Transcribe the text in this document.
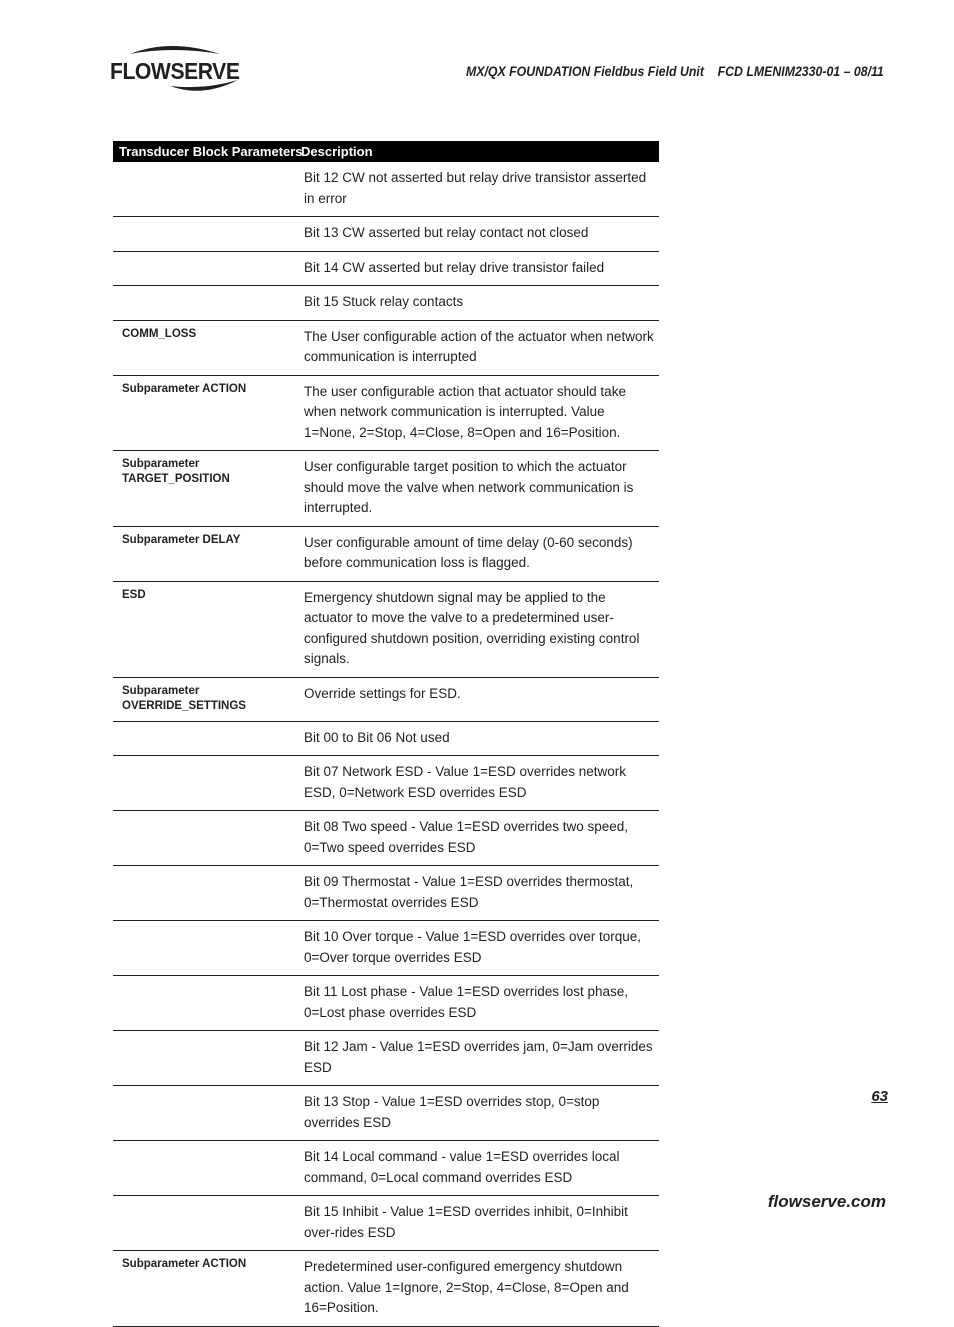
FLOWSERVE	MX/QX FOUNDATION Fieldbus Field Unit    FCD LMENIM2330-01 – 08/11
Transducer Block Parameters	Description
	Bit 12 CW not asserted but relay drive transistor asserted in error
	Bit 13 CW asserted but relay contact not closed
	Bit 14 CW asserted but relay drive transistor failed
	Bit 15 Stuck relay contacts
COMM_LOSS	The User configurable action of the actuator when network communication is interrupted
Subparameter ACTION	The user configurable action that actuator should take when network communication is interrupted. Value 1=None, 2=Stop, 4=Close, 8=Open and 16=Position.
Subparameter
TARGET_POSITION	User configurable target position to which the actuator should move the valve when network communication is interrupted.
Subparameter DELAY	User configurable amount of time delay (0-60 seconds) before communication loss is flagged.
ESD	Emergency shutdown signal may be applied to the actuator to move the valve to a predetermined user-configured shutdown position, overriding existing control signals.
Subparameter
OVERRIDE_SETTINGS	Override settings for ESD.
	Bit 00 to Bit 06 Not used
	Bit 07 Network ESD - Value 1=ESD overrides network ESD, 0=Network ESD overrides ESD
	Bit 08 Two speed - Value 1=ESD overrides two speed, 0=Two speed overrides ESD
	Bit 09 Thermostat - Value 1=ESD overrides thermostat, 0=Thermostat overrides ESD
	Bit 10 Over torque - Value 1=ESD overrides over torque, 0=Over torque overrides ESD
	Bit 11 Lost phase - Value 1=ESD overrides lost phase, 0=Lost phase overrides ESD
	Bit 12 Jam - Value 1=ESD overrides jam, 0=Jam overrides ESD
	Bit 13 Stop - Value 1=ESD overrides stop, 0=stop overrides ESD
	Bit 14 Local command - value 1=ESD overrides local command, 0=Local command overrides ESD
	Bit 15 Inhibit - Value 1=ESD overrides inhibit, 0=Inhibit over-rides ESD
Subparameter ACTION	Predetermined user-configured emergency shutdown action. Value 1=Ignore, 2=Stop, 4=Close, 8=Open and 16=Position.
63
flowserve.com
